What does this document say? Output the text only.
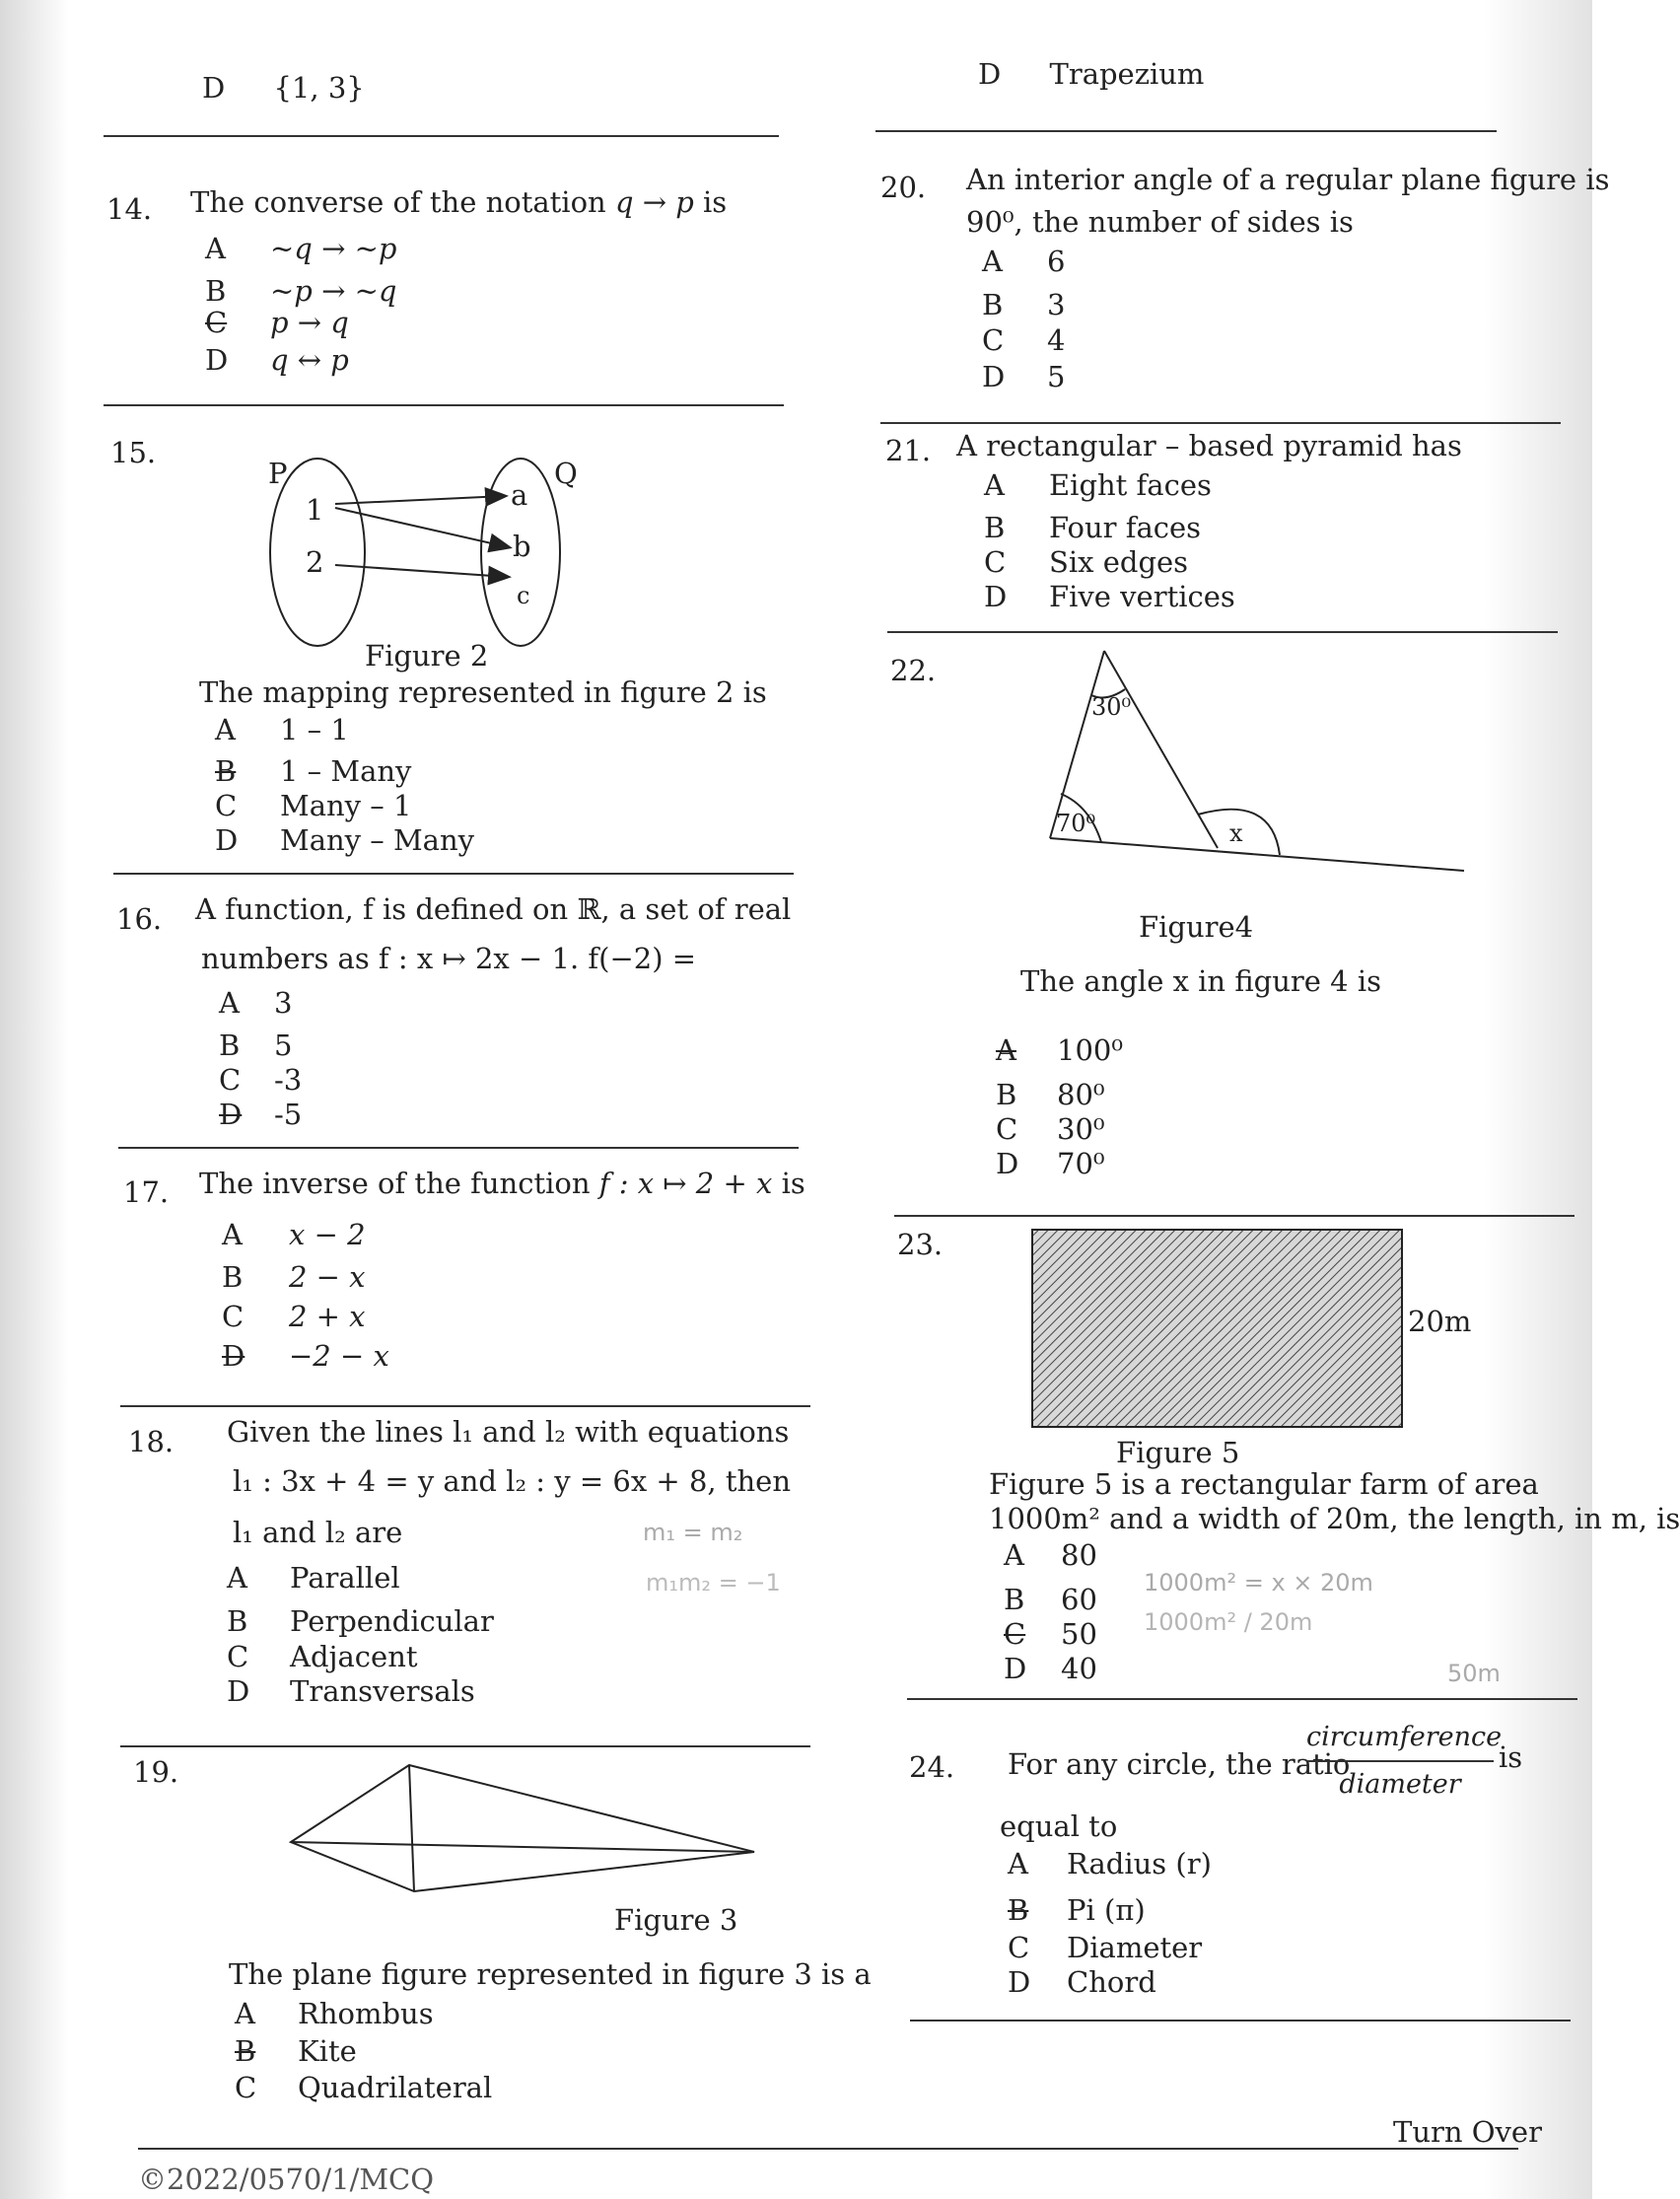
D {1, 3}	D Trapezium
14. The converse of the notation q → p is
A ~q → ~p
B ~p → ~q
C p → q
D q ↔ p
15.
P	Q
1
2
a
b
c
Figure 2
The mapping represented in figure 2 is
A 1 – 1
B 1 – Many
C Many – 1
D Many – Many
16. A function, f is defined on ℝ, a set of real
numbers as f : x ↦ 2x − 1. f(−2) =
A 3
B 5
C -3
D -5
17. The inverse of the function f : x ↦ 2 + x is
A x − 2
B 2 − x
C 2 + x
D −2 − x
18. Given the lines l₁ and l₂ with equations
l₁ : 3x + 4 = y and l₂ : y = 6x + 8, then
l₁ and l₂ are	m₁ = m₂
m₁m₂ = −1
A Parallel
B Perpendicular
C Adjacent
D Transversals
19.
Figure 3
The plane figure represented in figure 3 is a
A Rhombus
B Kite
C Quadrilateral
20. An interior angle of a regular plane figure is
90⁰, the number of sides is
A 6
B 3
C 4
D 5
21. A rectangular – based pyramid has
A Eight faces
B Four faces
C Six edges
D Five vertices
22.
30⁰
70⁰	x
Figure4
The angle x in figure 4 is
A 100⁰
B 80⁰
C 30⁰
D 70⁰
23.
20m
Figure 5
Figure 5 is a rectangular farm of area
1000m² and a width of 20m, the length, in m, is
1000m² = x × 20m
1000m² / 20m
50m
A 80
B 60
C 50
D 40
24. For any circle, the ratio
circumference
diameter
is
equal to
A Radius (r)
B Pi (π)
C Diameter
D Chord
Turn Over
©2022/0570/1/MCQ
